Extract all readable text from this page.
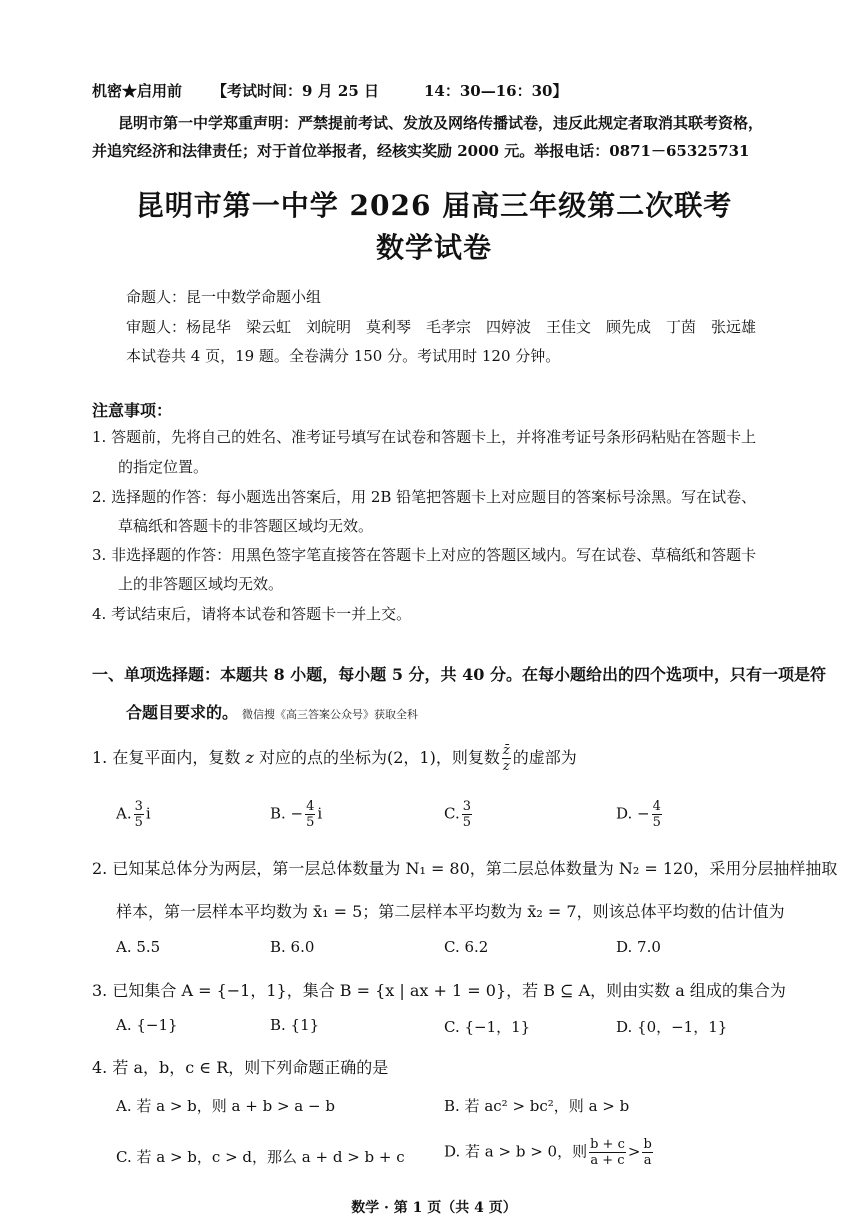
机密★启用前 【考试时间：9 月 25 日　　　14：30—16：30】
昆明市第一中学郑重声明：严禁提前考试、发放及网络传播试卷，违反此规定者取消其联考资格，
并追究经济和法律责任；对于首位举报者，经核实奖励 2000 元。举报电话：0871－65325731
昆明市第一中学 2026 届高三年级第二次联考
数学试卷
命题人：昆一中数学命题小组
审题人：杨昆华　梁云虹　刘皖明　莫利琴　毛孝宗　四婷波　王佳文　顾先成　丁茵　张远雄
本试卷共 4 页，19 题。全卷满分 150 分。考试用时 120 分钟。
注意事项：
1. 答题前，先将自己的姓名、准考证号填写在试卷和答题卡上，并将准考证号条形码粘贴在答题卡上
的指定位置。
2. 选择题的作答：每小题选出答案后，用 2B 铅笔把答题卡上对应题目的答案标号涂黑。写在试卷、
草稿纸和答题卡的非答题区域均无效。
3. 非选择题的作答：用黑色签字笔直接答在答题卡上对应的答题区域内。写在试卷、草稿纸和答题卡
上的非答题区域均无效。
4. 考试结束后，请将本试卷和答题卡一并上交。
一、单项选择题：本题共 8 小题，每小题 5 分，共 40 分。在每小题给出的四个选项中，只有一项是符
合题目要求的。 微信搜《高三答案公众号》获取全科
1. 在复平面内，复数 z 对应的点的坐标为(2，1)，则复数 $\frac{z̄}{z}$ 的虚部为
A. $\frac{3}{5}$ i	B. − $\frac{4}{5}$ i	C. $\frac{3}{5}$	D. − $\frac{4}{5}$
2. 已知某总体分为两层，第一层总体数量为 N₁ = 80，第二层总体数量为 N₂ = 120，采用分层抽样抽取
样本，第一层样本平均数为 x̄₁ = 5；第二层样本平均数为 x̄₂ = 7，则该总体平均数的估计值为
A. 5.5	B. 6.0	C. 6.2	D. 7.0
3. 已知集合 A = {−1，1}，集合 B = {x | ax + 1 = 0}，若 B ⊆ A，则由实数 a 组成的集合为
A. {−1}	B. {1}	C. {−1，1}	D. {0，−1，1}
4. 若 a，b，c ∈ R，则下列命题正确的是
A. 若 a > b，则 a + b > a − b	B. 若 ac² > bc²，则 a > b
C. 若 a > b，c > d，那么 a + d > b + c	D. 若 a > b > 0，则 $\frac{b + c}{a + c} > \frac{b}{a}$
数学 · 第 1 页（共 4 页）
